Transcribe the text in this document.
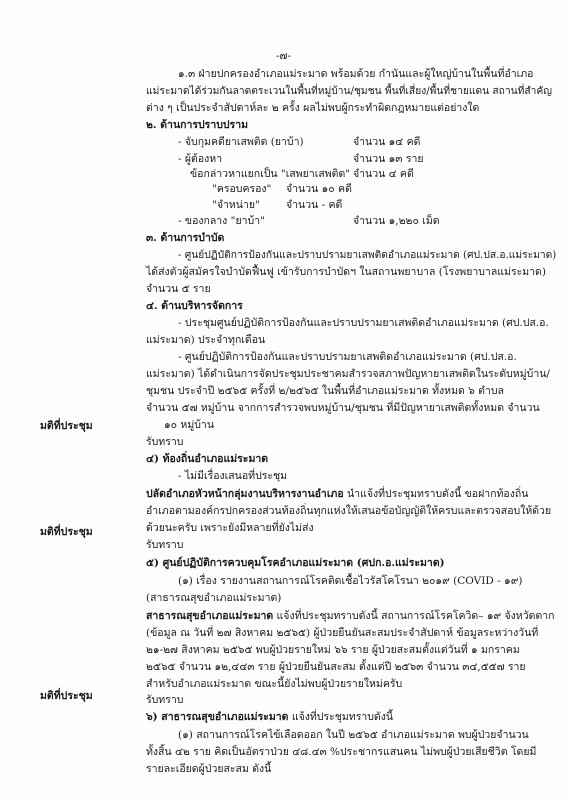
-๗-
๑.๓ ฝ่ายปกครองอำเภอแม่ระมาด พร้อมด้วย กำนันและผู้ใหญ่บ้านในพื้นที่อำเภอ
แม่ระมาดได้ร่วมกันลาดตระเวนในพื้นที่หมู่บ้าน/ชุมชน พื้นที่เสี่ยง/พื้นที่ชายแดน สถานที่สำคัญ
ต่าง ๆ เป็นประจำสัปดาห์ละ ๒ ครั้ง ผลไม่พบผู้กระทำผิดกฎหมายแต่อย่างใด
๒. ด้านการปราบปราม
- จับกุมคดียาเสพติด (ยาบ้า)	จำนวน ๑๔ คดี
- ผู้ต้องหา	จำนวน ๑๓ ราย
ข้อกล่าวหาแยกเป็น "เสพยาเสพติด" จำนวน ๔ คดี
"ครอบครอง" จำนวน ๑๐ คดี
"จำหน่าย" จำนวน - คดี
- ของกลาง "ยาบ้า"	จำนวน ๑,๒๒๐ เม็ด
๓. ด้านการบำบัด
- ศูนย์ปฏิบัติการป้องกันและปราบปรามยาเสพติดอำเภอแม่ระมาด (ศป.ปส.อ.แม่ระมาด)
ได้ส่งตัวผู้สมัครใจบำบัดฟื้นฟู เข้ารับการบำบัดฯ ในสถานพยาบาล (โรงพยาบาลแม่ระมาด)
จำนวน ๕ ราย
๔. ด้านบริหารจัดการ
- ประชุมศูนย์ปฏิบัติการป้องกันและปราบปรามยาเสพติดอำเภอแม่ระมาด (ศป.ปส.อ.
แม่ระมาด) ประจำทุกเดือน
- ศูนย์ปฏิบัติการป้องกันและปราบปรามยาเสพติดอำเภอแม่ระมาด (ศป.ปส.อ.
แม่ระมาด) ได้ดำเนินการจัดประชุมประชาคมสำรวจสภาพปัญหายาเสพติดในระดับหมู่บ้าน/
ชุมชน ประจำปี ๒๕๖๕ ครั้งที่ ๒/๒๕๖๕ ในพื้นที่อำเภอแม่ระมาด ทั้งหมด ๖ ตำบล
จำนวน ๕๗ หมู่บ้าน จากการสำรวจพบหมู่บ้าน/ชุมชน ที่มีปัญหายาเสพติดทั้งหมด จำนวน
๑๐ หมู่บ้าน
มติที่ประชุม
รับทราบ
๔) ท้องถิ่นอำเภอแม่ระมาด
- ไม่มีเรื่องเสนอที่ประชุม
ปลัดอำเภอหัวหน้ากลุ่มงานบริหารงานอำเภอ นำแจ้งที่ประชุมทราบดังนี้ ขอฝากท้องถิ่น
อำเภอตามองค์กรปกครองส่วนท้องถิ่นทุกแห่งให้เสนอข้อบัญญัติให้ครบและตรวจสอบให้ด้วย
ด้วยนะครับ เพราะยังมีหลายที่ยังไม่ส่ง
มติที่ประชุม
รับทราบ
๕) ศูนย์ปฏิบัติการควบคุมโรคอำเภอแม่ระมาด (ศปก.อ.แม่ระมาด)
(๑) เรื่อง รายงานสถานการณ์โรคติดเชื้อไวรัสโคโรนา ๒๐๑๙ (COVID - ๑๙)
(สาธารณสุขอำเภอแม่ระมาด)
สาธารณสุขอำเภอแม่ระมาด แจ้งที่ประชุมทราบดังนี้ สถานการณ์โรคโควิด– ๑๙ จังหวัดตาก
(ข้อมูล ณ วันที่ ๒๗ สิงหาคม ๒๕๖๕) ผู้ป่วยยืนยันสะสมประจำสัปดาห์ ข้อมูลระหว่างวันที่
๒๑-๒๗ สิงหาคม ๒๕๖๕ พบผู้ป่วยรายใหม่ ๖๖ ราย ผู้ป่วยสะสมตั้งแต่วันที่ ๑ มกราคม
๒๕๖๕ จำนวน ๑๒,๔๔๓ ราย ผู้ป่วยยืนยันสะสม ตั้งแต่ปี ๒๕๖๓ จำนวน ๓๔,๕๕๗ ราย
สำหรับอำเภอแม่ระมาด ขณะนี้ยังไม่พบผู้ป่วยรายใหม่ครับ
มติที่ประชุม	รับทราบ
๖) สาธารณสุขอำเภอแม่ระมาด แจ้งที่ประชุมทราบดังนี้
(๑) สถานการณ์โรคไข้เลือดออก ในปี ๒๕๖๕ อำเภอแม่ระมาด พบผู้ป่วยจำนวน
ทั้งสิ้น ๔๒ ราย คิดเป็นอัตราป่วย ๔๘.๔๓ %ประชากรแสนคน ไม่พบผู้ป่วยเสียชีวิต โดยมี
รายละเอียดผู้ป่วยสะสม ดังนี้
